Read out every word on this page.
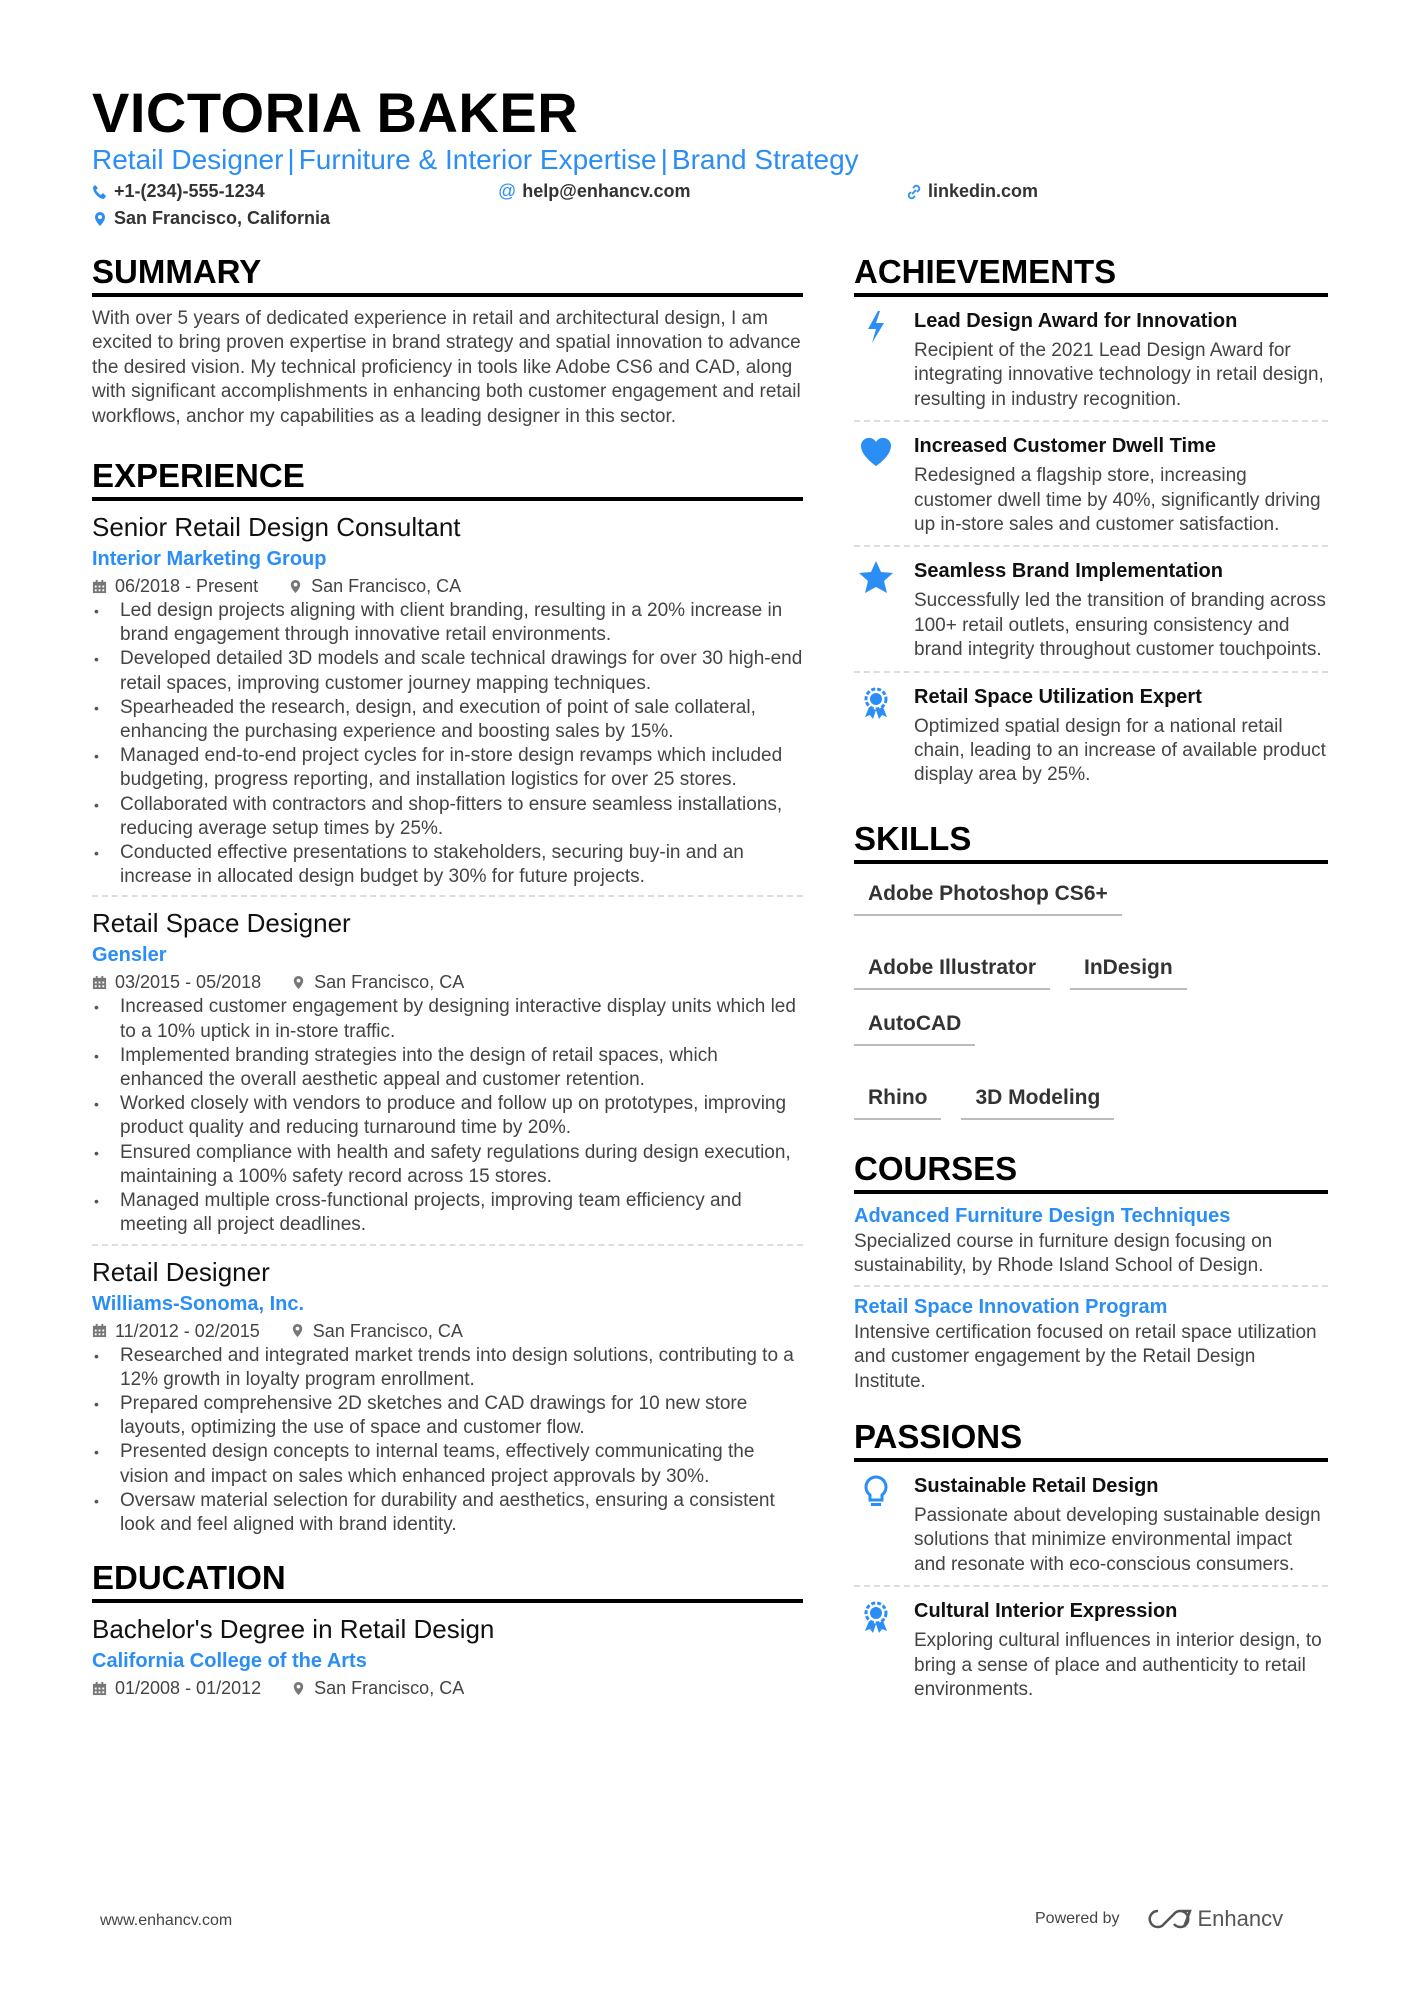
VICTORIA BAKER
Retail Designer | Furniture & Interior Expertise | Brand Strategy
+1-(234)-555-1234	@ help@enhancv.com	linkedin.com
San Francisco, California
SUMMARY
With over 5 years of dedicated experience in retail and architectural design, I am excited to bring proven expertise in brand strategy and spatial innovation to advance the desired vision. My technical proficiency in tools like Adobe CS6 and CAD, along with significant accomplishments in enhancing both customer engagement and retail workflows, anchor my capabilities as a leading designer in this sector.
EXPERIENCE
Senior Retail Design Consultant
Interior Marketing Group
06/2018 - Present	San Francisco, CA
• Led design projects aligning with client branding, resulting in a 20% increase in brand engagement through innovative retail environments.
• Developed detailed 3D models and scale technical drawings for over 30 high-end retail spaces, improving customer journey mapping techniques.
• Spearheaded the research, design, and execution of point of sale collateral, enhancing the purchasing experience and boosting sales by 15%.
• Managed end-to-end project cycles for in-store design revamps which included budgeting, progress reporting, and installation logistics for over 25 stores.
• Collaborated with contractors and shop-fitters to ensure seamless installations, reducing average setup times by 25%.
• Conducted effective presentations to stakeholders, securing buy-in and an increase in allocated design budget by 30% for future projects.
Retail Space Designer
Gensler
03/2015 - 05/2018	San Francisco, CA
• Increased customer engagement by designing interactive display units which led to a 10% uptick in in-store traffic.
• Implemented branding strategies into the design of retail spaces, which enhanced the overall aesthetic appeal and customer retention.
• Worked closely with vendors to produce and follow up on prototypes, improving product quality and reducing turnaround time by 20%.
• Ensured compliance with health and safety regulations during design execution, maintaining a 100% safety record across 15 stores.
• Managed multiple cross-functional projects, improving team efficiency and meeting all project deadlines.
Retail Designer
Williams-Sonoma, Inc.
11/2012 - 02/2015	San Francisco, CA
• Researched and integrated market trends into design solutions, contributing to a 12% growth in loyalty program enrollment.
• Prepared comprehensive 2D sketches and CAD drawings for 10 new store layouts, optimizing the use of space and customer flow.
• Presented design concepts to internal teams, effectively communicating the vision and impact on sales which enhanced project approvals by 30%.
• Oversaw material selection for durability and aesthetics, ensuring a consistent look and feel aligned with brand identity.
EDUCATION
Bachelor's Degree in Retail Design
California College of the Arts
01/2008 - 01/2012	San Francisco, CA
ACHIEVEMENTS
Lead Design Award for Innovation
Recipient of the 2021 Lead Design Award for integrating innovative technology in retail design, resulting in industry recognition.
Increased Customer Dwell Time
Redesigned a flagship store, increasing customer dwell time by 40%, significantly driving up in-store sales and customer satisfaction.
Seamless Brand Implementation
Successfully led the transition of branding across 100+ retail outlets, ensuring consistency and brand integrity throughout customer touchpoints.
Retail Space Utilization Expert
Optimized spatial design for a national retail chain, leading to an increase of available product display area by 25%.
SKILLS
Adobe Photoshop CS6+
Adobe Illustrator	InDesign
AutoCAD
Rhino	3D Modeling
COURSES
Advanced Furniture Design Techniques
Specialized course in furniture design focusing on sustainability, by Rhode Island School of Design.
Retail Space Innovation Program
Intensive certification focused on retail space utilization and customer engagement by the Retail Design Institute.
PASSIONS
Sustainable Retail Design
Passionate about developing sustainable design solutions that minimize environmental impact and resonate with eco-conscious consumers.
Cultural Interior Expression
Exploring cultural influences in interior design, to bring a sense of place and authenticity to retail environments.
www.enhancv.com	Powered by	Enhancv
